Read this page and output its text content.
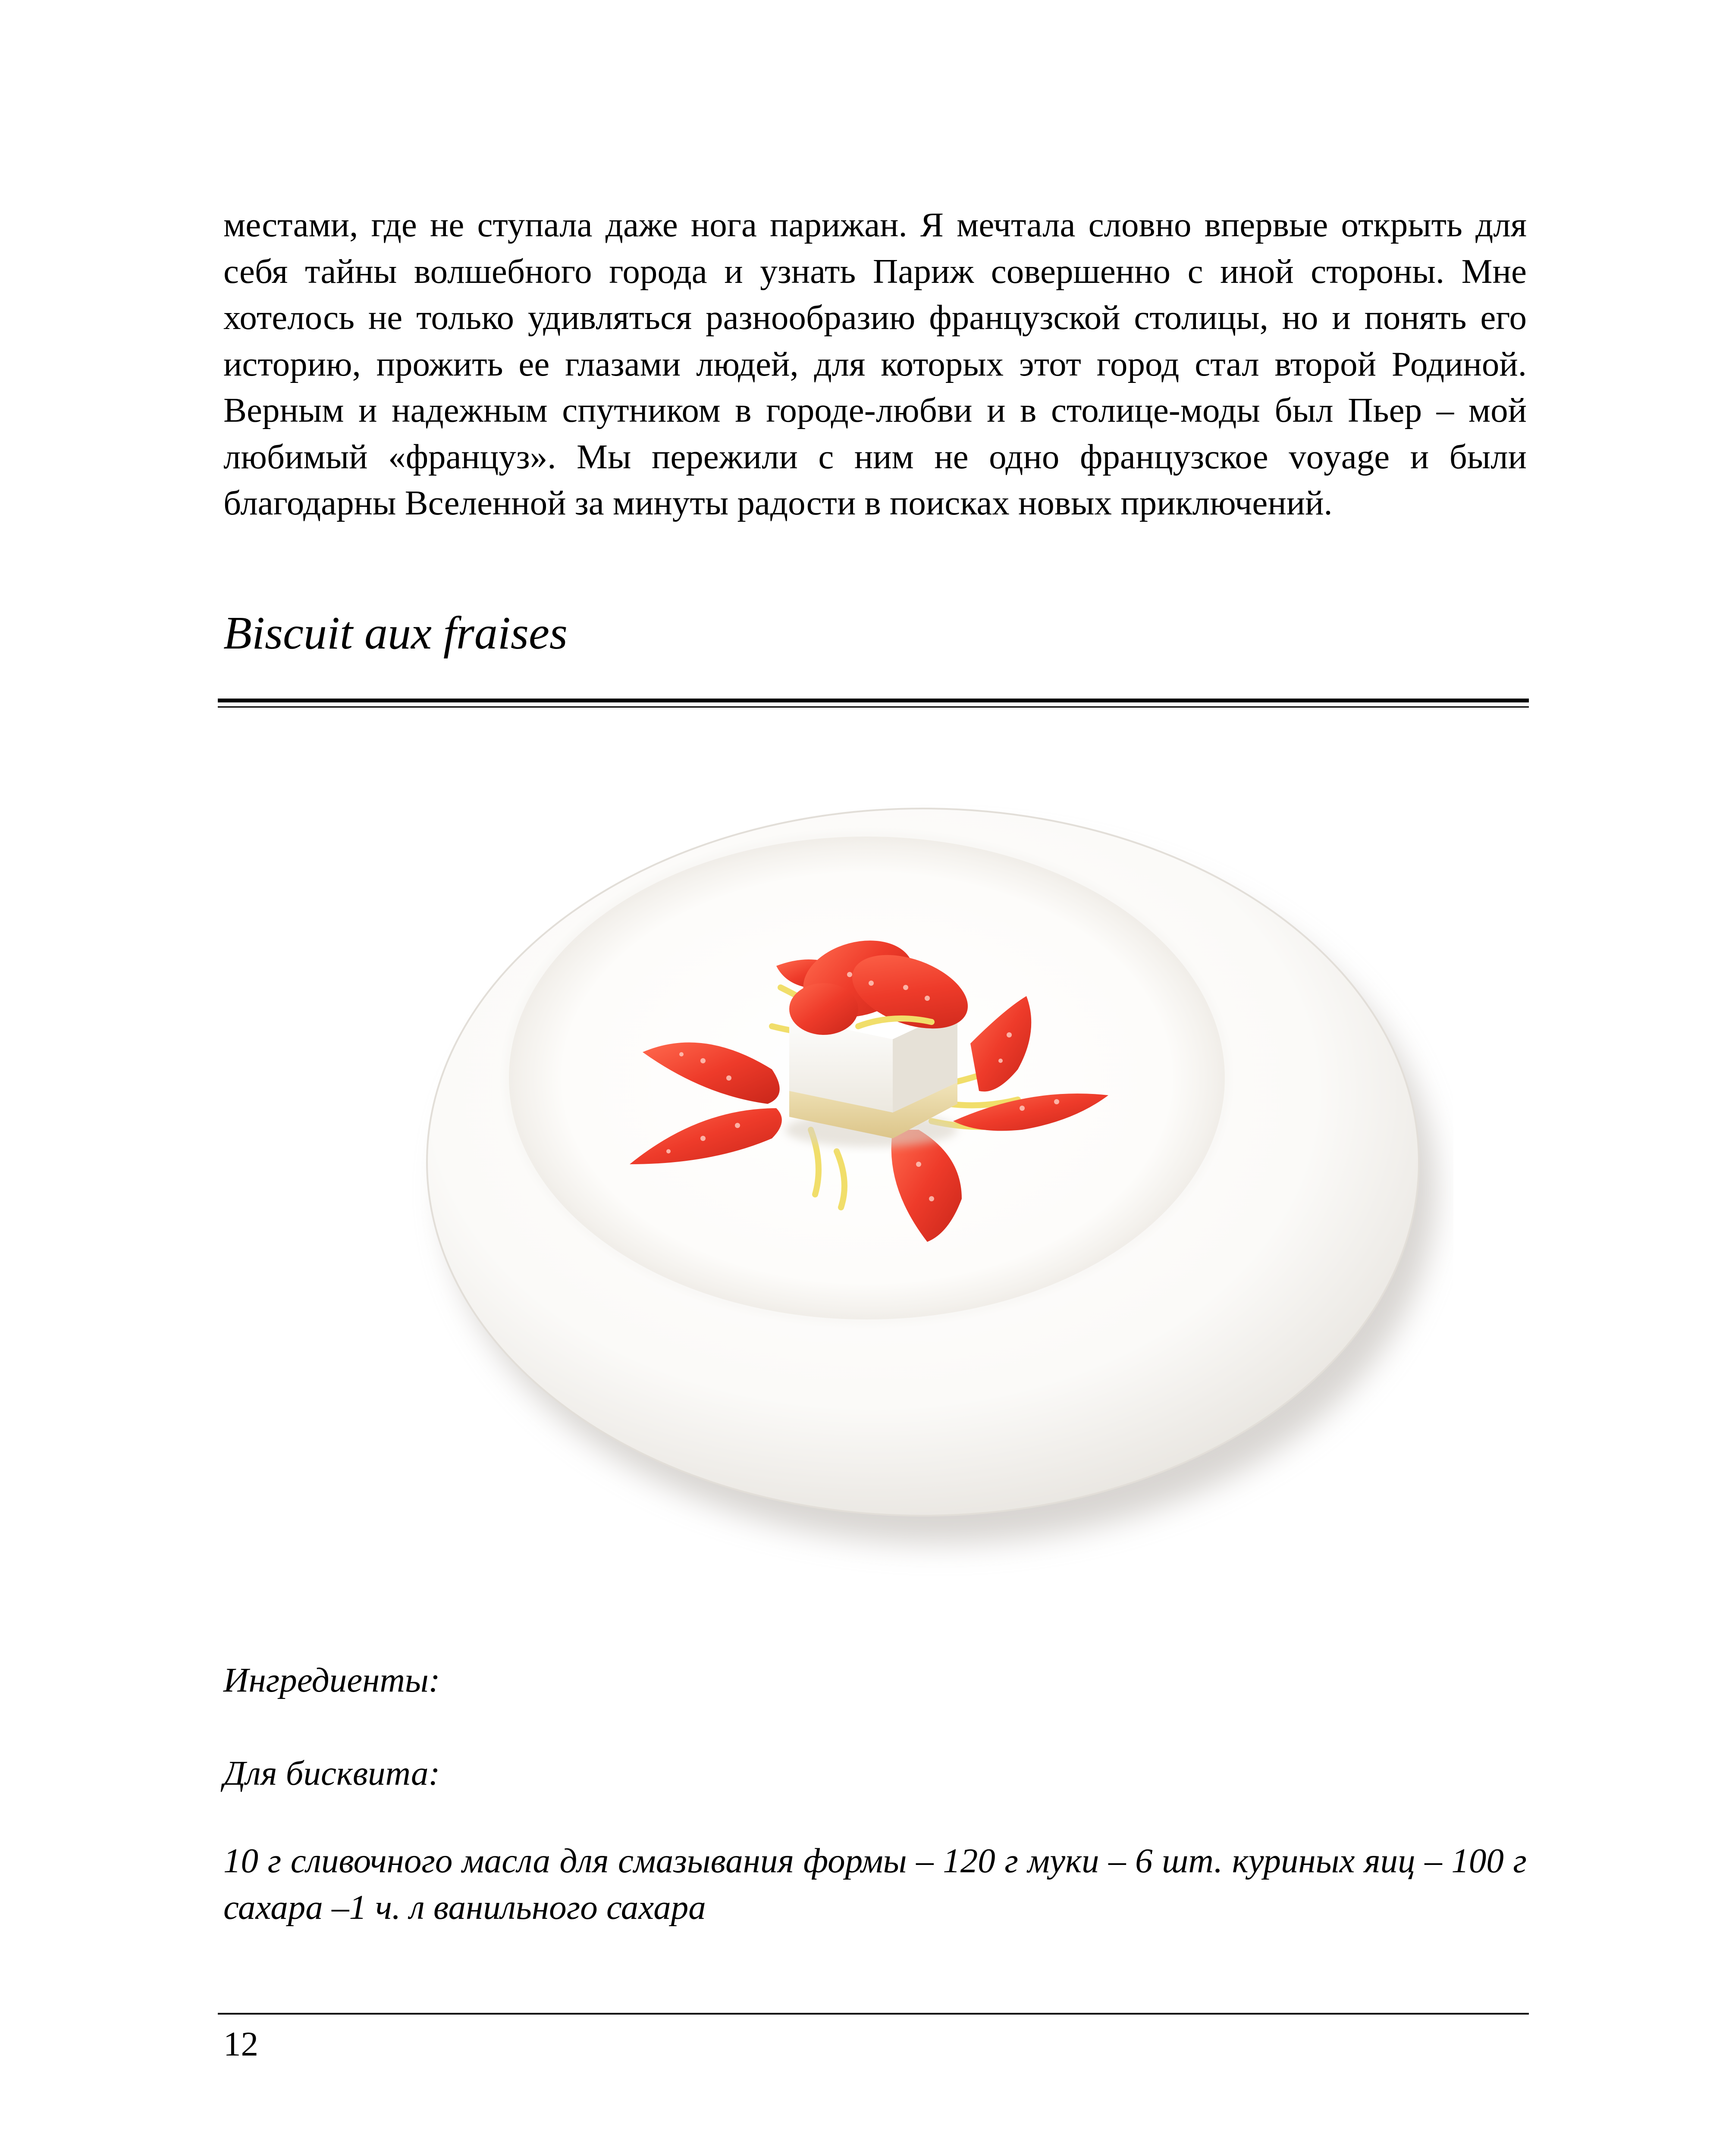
местами, где не ступала даже нога парижан. Я мечтала словно впервые открыть для себя тайны волшебного города и узнать Париж совершенно с иной стороны. Мне хотелось не только удивляться разнообразию французской столицы, но и понять его историю, прожить ее глазами людей, для которых этот город стал второй Родиной. Верным и надежным спутником в городе-любви и в столице-моды был Пьер – мой любимый «француз». Мы пережили с ним не одно французское voyage и были благодарны Вселенной за минуты радости в поисках новых приключений.

Biscuit aux fraises

Ингредиенты:

Для бисквита:

10 г сливочного масла для смазывания формы – 120 г муки – 6 шт. куриных яиц – 100 г сахара –1 ч. л ванильного сахара

12
